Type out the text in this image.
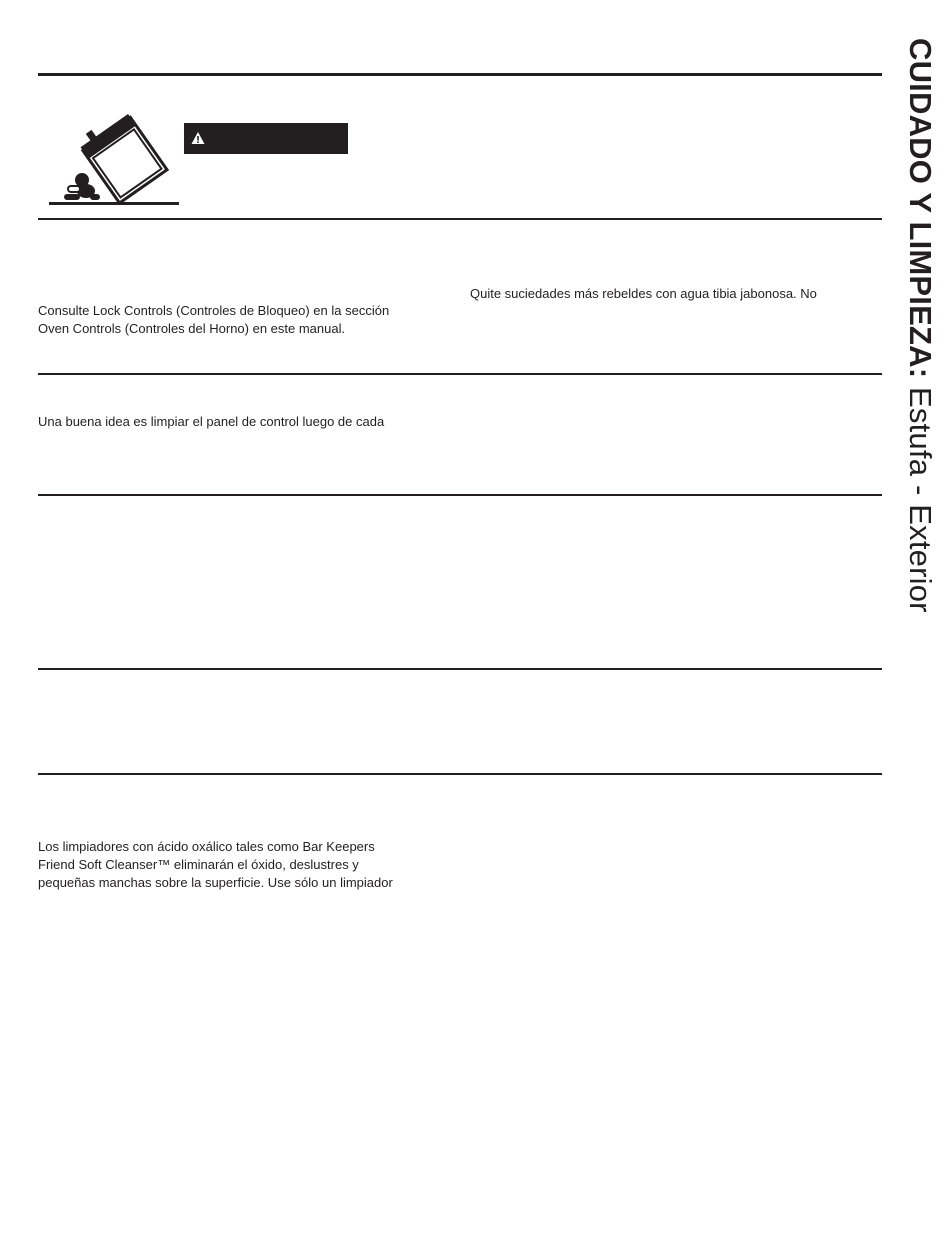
Consulte Lock Controls (Controles de Bloqueo) en la sección
Oven Controls (Controles del Horno) en este manual.

Quite suciedades más rebeldes con agua tibia jabonosa. No

Una buena idea es limpiar el panel de control luego de cada

Los limpiadores con ácido oxálico tales como Bar Keepers
Friend Soft Cleanser™ eliminarán el óxido, deslustres y
pequeñas manchas sobre la superficie. Use sólo un limpiador

CUIDADO Y LIMPIEZA: Estufa - Exterior
